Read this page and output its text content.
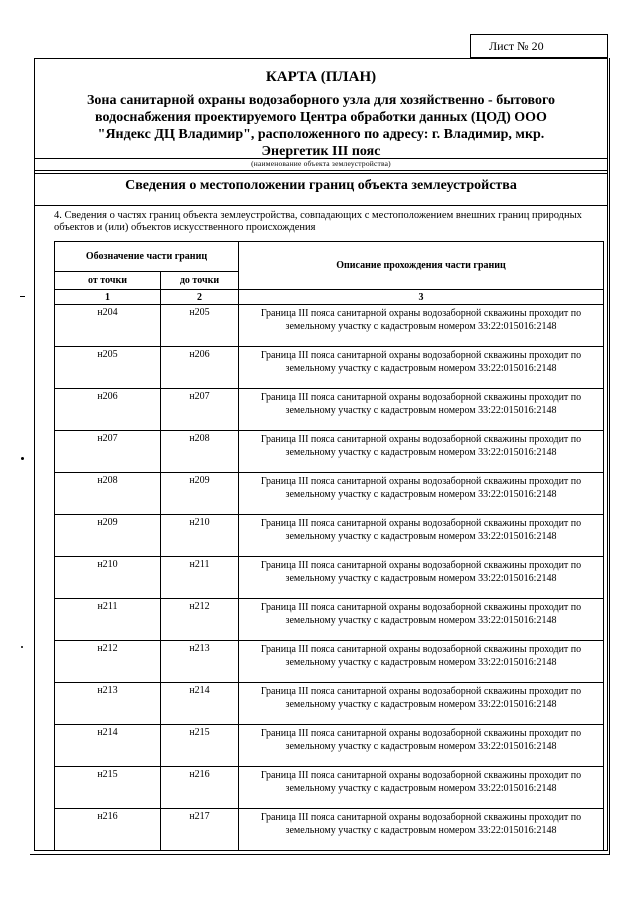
Лист № 20
КАРТА (ПЛАН)
Зона санитарной охраны водозаборного узла для хозяйственно - бытового водоснабжения проектируемого Центра обработки данных (ЦОД) ООО "Яндекс ДЦ Владимир", расположенного по адресу: г. Владимир, мкр. Энергетик III пояс
(наименование объекта землеустройства)
Сведения о местоположении границ объекта землеустройства
4. Сведения о частях границ объекта землеустройства, совпадающих с местоположением внешних границ природных объектов и (или) объектов искусственного происхождения
Обозначение части границ		Описание прохождения части границ
от точки	до точки	
1	2	3
н204	н205	Граница III пояса санитарной охраны водозаборной скважины проходит по земельному участку с кадастровым номером 33:22:015016:2148
н205	н206	Граница III пояса санитарной охраны водозаборной скважины проходит по земельному участку с кадастровым номером 33:22:015016:2148
н206	н207	Граница III пояса санитарной охраны водозаборной скважины проходит по земельному участку с кадастровым номером 33:22:015016:2148
н207	н208	Граница III пояса санитарной охраны водозаборной скважины проходит по земельному участку с кадастровым номером 33:22:015016:2148
н208	н209	Граница III пояса санитарной охраны водозаборной скважины проходит по земельному участку с кадастровым номером 33:22:015016:2148
н209	н210	Граница III пояса санитарной охраны водозаборной скважины проходит по земельному участку с кадастровым номером 33:22:015016:2148
н210	н211	Граница III пояса санитарной охраны водозаборной скважины проходит по земельному участку с кадастровым номером 33:22:015016:2148
н211	н212	Граница III пояса санитарной охраны водозаборной скважины проходит по земельному участку с кадастровым номером 33:22:015016:2148
н212	н213	Граница III пояса санитарной охраны водозаборной скважины проходит по земельному участку с кадастровым номером 33:22:015016:2148
н213	н214	Граница III пояса санитарной охраны водозаборной скважины проходит по земельному участку с кадастровым номером 33:22:015016:2148
н214	н215	Граница III пояса санитарной охраны водозаборной скважины проходит по земельному участку с кадастровым номером 33:22:015016:2148
н215	н216	Граница III пояса санитарной охраны водозаборной скважины проходит по земельному участку с кадастровым номером 33:22:015016:2148
н216	н217	Граница III пояса санитарной охраны водозаборной скважины проходит по земельному участку с кадастровым номером 33:22:015016:2148
